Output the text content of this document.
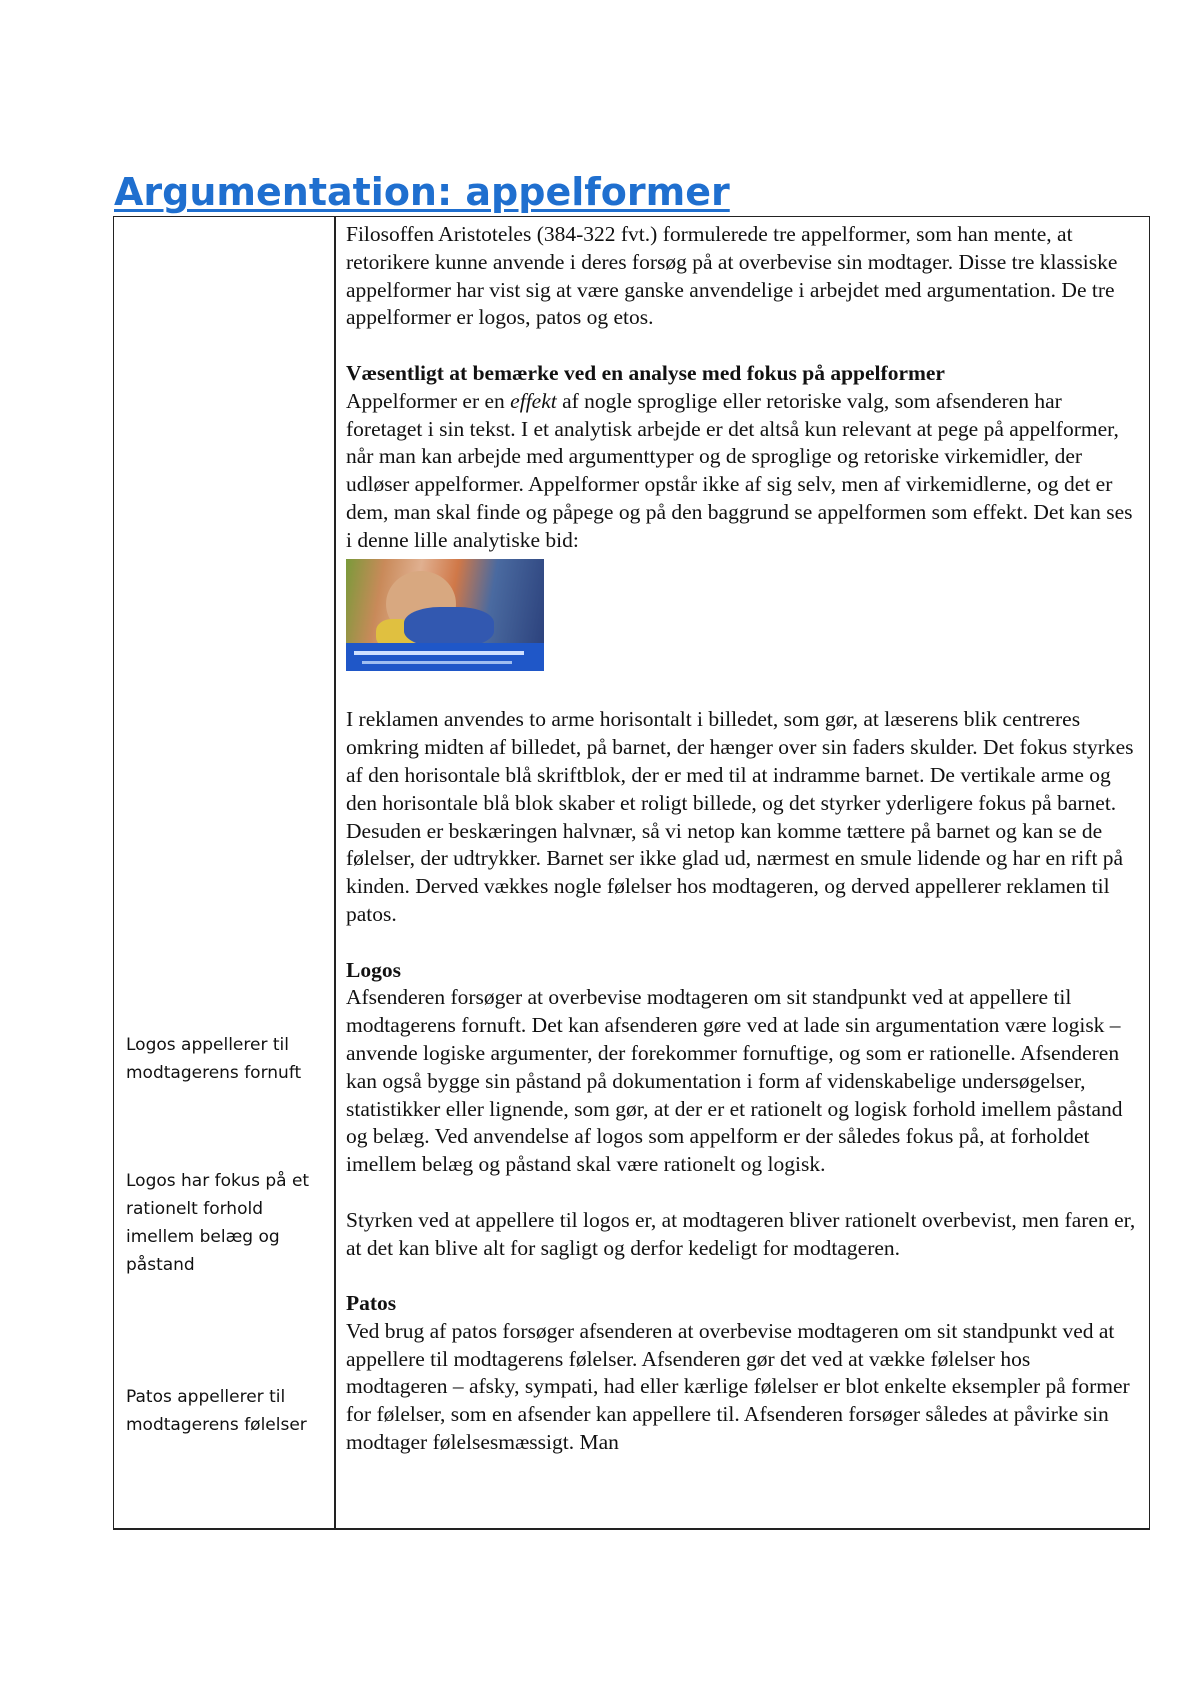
Argumentation: appelformer

Logos appellerer til modtagerens fornuft

Logos har fokus på et rationelt forhold imellem belæg og påstand

Patos appellerer til modtagerens følelser

Filosoffen Aristoteles (384-322 fvt.) formulerede tre appelformer, som han mente, at retorikere kunne anvende i deres forsøg på at overbevise sin modtager. Disse tre klassiske appelformer har vist sig at være ganske anvendelige i arbejdet med argumentation. De tre appelformer er logos, patos og etos.

Væsentligt at bemærke ved en analyse med fokus på appelformer

Appelformer er en effekt af nogle sproglige eller retoriske valg, som afsenderen har foretaget i sin tekst. I et analytisk arbejde er det altså kun relevant at pege på appelformer, når man kan arbejde med argumenttyper og de sproglige og retoriske virkemidler, der udløser appelformer. Appelformer opstår ikke af sig selv, men af virkemidlerne, og det er dem, man skal finde og påpege og på den baggrund se appelformen som effekt. Det kan ses i denne lille analytiske bid:

I reklamen anvendes to arme horisontalt i billedet, som gør, at læserens blik centreres omkring midten af billedet, på barnet, der hænger over sin faders skulder. Det fokus styrkes af den horisontale blå skriftblok, der er med til at indramme barnet. De vertikale arme og den horisontale blå blok skaber et roligt billede, og det styrker yderligere fokus på barnet. Desuden er beskæringen halvnær, så vi netop kan komme tættere på barnet og kan se de følelser, der udtrykker. Barnet ser ikke glad ud, nærmest en smule lidende og har en rift på kinden. Derved vækkes nogle følelser hos modtageren, og derved appellerer reklamen til patos.

Logos

Afsenderen forsøger at overbevise modtageren om sit standpunkt ved at appellere til modtagerens fornuft. Det kan afsenderen gøre ved at lade sin argumentation være logisk – anvende logiske argumenter, der forekommer fornuftige, og som er rationelle. Afsenderen kan også bygge sin påstand på dokumentation i form af videnskabelige undersøgelser, statistikker eller lignende, som gør, at der er et rationelt og logisk forhold imellem påstand og belæg. Ved anvendelse af logos som appelform er der således fokus på, at forholdet imellem belæg og påstand skal være rationelt og logisk.

Styrken ved at appellere til logos er, at modtageren bliver rationelt overbevist, men faren er, at det kan blive alt for sagligt og derfor kedeligt for modtageren.

Patos

Ved brug af patos forsøger afsenderen at overbevise modtageren om sit standpunkt ved at appellere til modtagerens følelser. Afsenderen gør det ved at vække følelser hos modtageren – afsky, sympati, had eller kærlige følelser er blot enkelte eksempler på former for følelser, som en afsender kan appellere til. Afsenderen forsøger således at påvirke sin modtager følelsesmæssigt. Man
